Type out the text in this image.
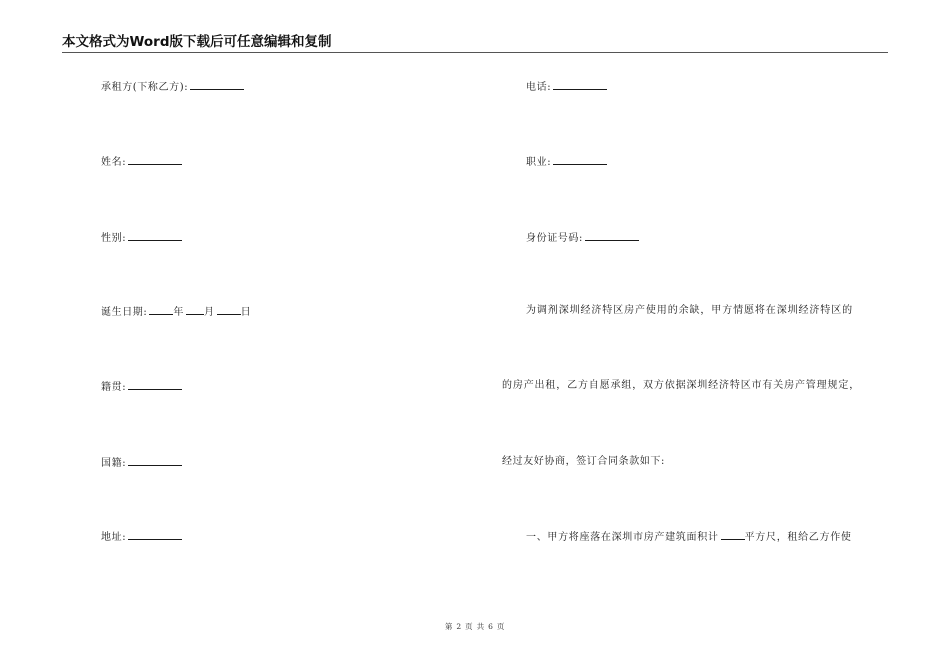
本文格式为Word版下载后可任意编辑和复制
承租方(下称乙方):
姓名:
性别:
诞生日期:	年 月	日
籍贯:
国籍:
地址:
电话:
职业:
身份证号码:
为调剂深圳经济特区房产使用的余缺，甲方情愿将在深圳经济特区的
的房产出租，乙方自愿承组，双方依据深圳经济特区市有关房产管理规定，
经过友好协商，签订合同条款如下:
一、甲方将座落在深圳市房产建筑面积计	平方尺，租给乙方作使
第 2 页 共 6 页
